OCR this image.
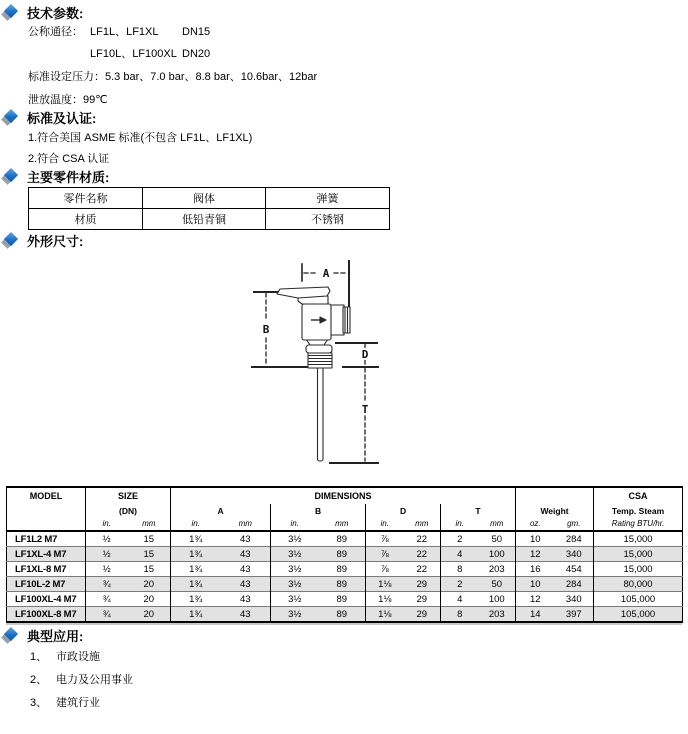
技术参数:
公称通径： LF1L、LF1XL DN15
LF10L、LF100XL DN20
标准设定压力：5.3 bar、7.0 bar、8.8 bar、10.6bar、12bar
泄放温度：99℃
标准及认证:
1.符合美国 ASME 标准(不包含 LF1L、LF1XL)
2.符合 CSA 认证
主要零件材质:
零件名称	阀体	弹簧
材质	低铅青铜	不锈钢
外形尺寸:
A
B
D
T
MODEL	SIZE		DIMENSIONS										CSA
	(DN)		A		B		D		T		Weight		Temp. Steam
	in.	mm	in.	mm	in.	mm	in.	mm	in.	mm	oz.	gm.	Rating BTU/hr.
LF1L2 M7	½	15	1¾	43	3½	89	⅞	22	2	50	10	284	15,000
LF1XL-4 M7	½	15	1¾	43	3½	89	⅞	22	4	100	12	340	15,000
LF1XL-8 M7	½	15	1¾	43	3½	89	⅞	22	8	203	16	454	15,000
LF10L-2 M7	¾	20	1¾	43	3½	89	1⅛	29	2	50	10	284	80,000
LF100XL-4 M7	¾	20	1¾	43	3½	89	1⅛	29	4	100	12	340	105,000
LF100XL-8 M7	¾	20	1¾	43	3½	89	1⅛	29	8	203	14	397	105,000
典型应用:
1、 市政设施
2、 电力及公用事业
3、 建筑行业
